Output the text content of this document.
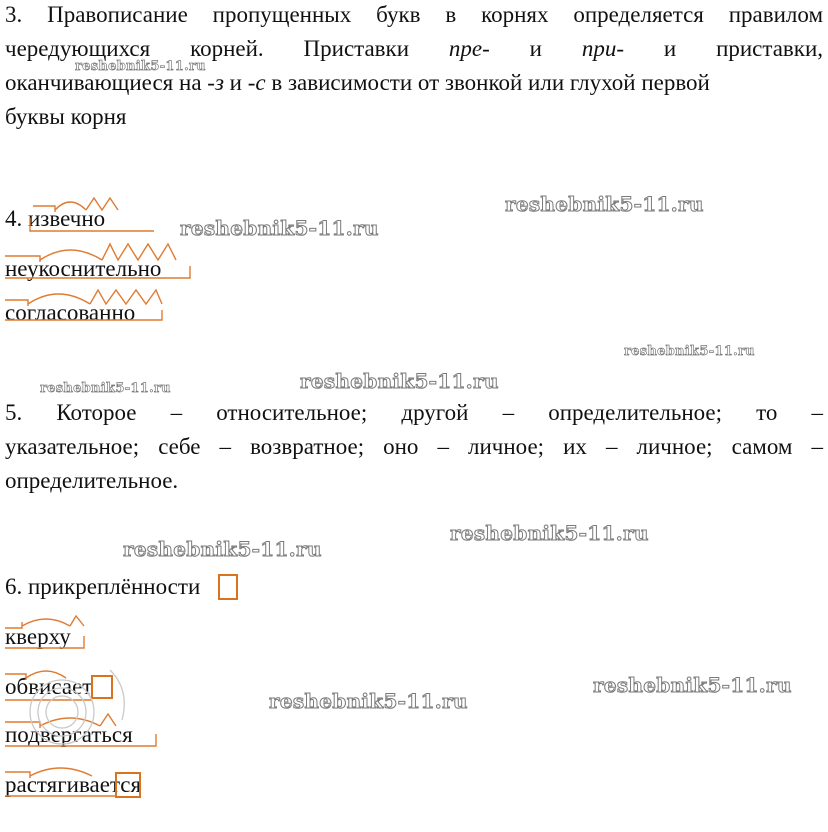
3. Правописание пропущенных букв в корнях определяется правилом
чередующихся корней. Приставки пре- и при- и приставки,
оканчивающиеся на -з и -с в зависимости от звонкой или глухой первой
буквы корня
4. извечно
неукоснительно
согласованно
5. Которое – относительное; другой – определительное; то –
указательное; себе – возвратное; оно – личное; их – личное; самом –
определительное.
6. прикреплённости
кверху
обвисает
подвергаться
растягивается
reshebnik5-11.ru
reshebnik5-11.ru
reshebnik5-11.ru
reshebnik5-11.ru
reshebnik5-11.ru	reshebnik5-11.ru
reshebnik5-11.ru
reshebnik5-11.ru
reshebnik5-11.ru
reshebnik5-11.ru
